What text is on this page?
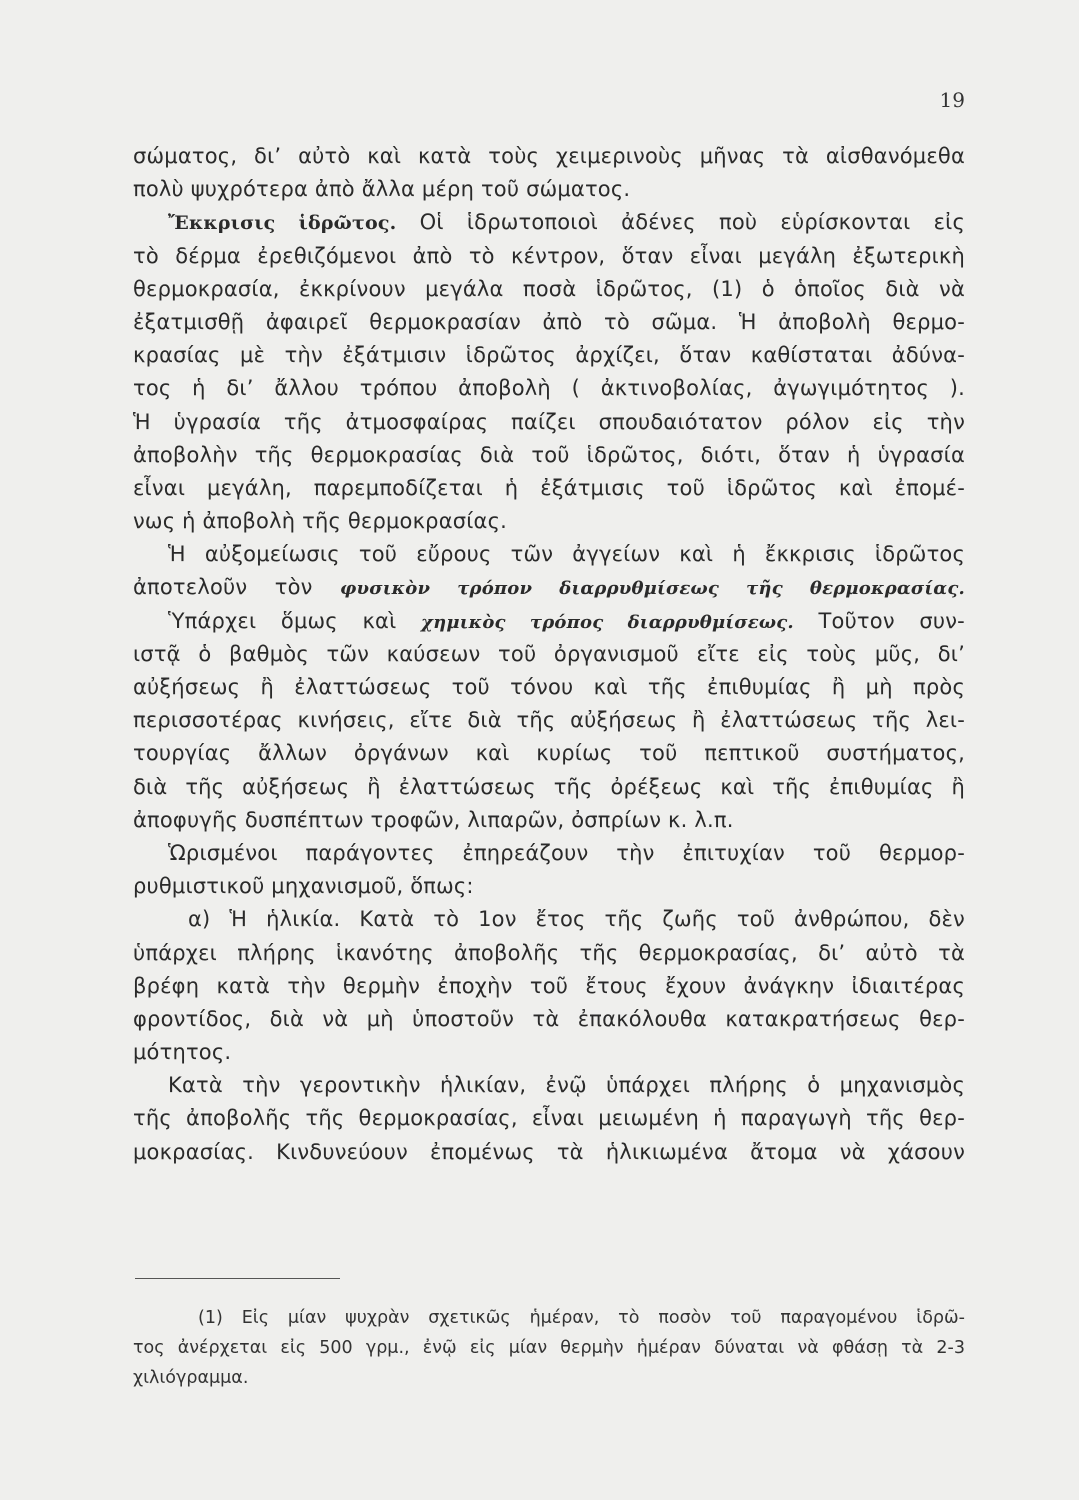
19
σώματος, δι’ αὐτὸ καὶ κατὰ τοὺς χειμερινοὺς μῆνας τὰ αἰσθανόμεθα
πολὺ ψυχρότερα ἀπὸ ἄλλα μέρη τοῦ σώματος.
Ἔκκρισις ἱδρῶτος. Οἱ ἱδρωτοποιοὶ ἀδένες ποὺ εὑρίσκονται εἰς
τὸ δέρμα ἐρεθιζόμενοι ἀπὸ τὸ κέντρον, ὅταν εἶναι μεγάλη ἐξωτερικὴ
θερμοκρασία, ἐκκρίνουν μεγάλα ποσὰ ἱδρῶτος, (1) ὁ ὁποῖος διὰ νὰ
ἐξατμισθῇ ἀφαιρεῖ θερμοκρασίαν ἀπὸ τὸ σῶμα. Ἡ ἀποβολὴ θερμο-
κρασίας μὲ τὴν ἐξάτμισιν ἱδρῶτος ἀρχίζει, ὅταν καθίσταται ἀδύνα-
τος ἡ δι’ ἄλλου τρόπου ἀποβολὴ ( ἀκτινοβολίας, ἀγωγιμότητος ).
Ἡ ὑγρασία τῆς ἀτμοσφαίρας παίζει σπουδαιότατον ρόλον εἰς τὴν
ἀποβολὴν τῆς θερμοκρασίας διὰ τοῦ ἱδρῶτος, διότι, ὅταν ἡ ὑγρασία
εἶναι μεγάλη, παρεμποδίζεται ἡ ἐξάτμισις τοῦ ἱδρῶτος καὶ ἐπομέ-
νως ἡ ἀποβολὴ τῆς θερμοκρασίας.
Ἡ αὐξομείωσις τοῦ εὔρους τῶν ἀγγείων καὶ ἡ ἔκκρισις ἱδρῶτος
ἀποτελοῦν τὸν φυσικὸν τρόπον διαρρυθμίσεως τῆς θερμοκρασίας.
Ὑπάρχει ὅμως καὶ χημικὸς τρόπος διαρρυθμίσεως. Τοῦτον συν-
ιστᾷ ὁ βαθμὸς τῶν καύσεων τοῦ ὀργανισμοῦ εἴτε εἰς τοὺς μῦς, δι’
αὐξήσεως ἢ ἐλαττώσεως τοῦ τόνου καὶ τῆς ἐπιθυμίας ἢ μὴ πρὸς
περισσοτέρας κινήσεις, εἴτε διὰ τῆς αὐξήσεως ἢ ἐλαττώσεως τῆς λει-
τουργίας ἄλλων ὀργάνων καὶ κυρίως τοῦ πεπτικοῦ συστήματος,
διὰ τῆς αὐξήσεως ἢ ἐλαττώσεως τῆς ὀρέξεως καὶ τῆς ἐπιθυμίας ἢ
ἀποφυγῆς δυσπέπτων τροφῶν, λιπαρῶν, ὀσπρίων κ. λ.π.
Ὡρισμένοι παράγοντες ἐπηρεάζουν τὴν ἐπιτυχίαν τοῦ θερμορ-
ρυθμιστικοῦ μηχανισμοῦ, ὅπως:
α) Ἡ ἡλικία. Κατὰ τὸ 1ον ἔτος τῆς ζωῆς τοῦ ἀνθρώπου, δὲν
ὑπάρχει πλήρης ἱκανότης ἀποβολῆς τῆς θερμοκρασίας, δι’ αὐτὸ τὰ
βρέφη κατὰ τὴν θερμὴν ἐποχὴν τοῦ ἔτους ἔχουν ἀνάγκην ἰδιαιτέρας
φροντίδος, διὰ νὰ μὴ ὑποστοῦν τὰ ἐπακόλουθα κατακρατήσεως θερ-
μότητος.
Κατὰ τὴν γεροντικὴν ἡλικίαν, ἐνῷ ὑπάρχει πλήρης ὁ μηχανισμὸς
τῆς ἀποβολῆς τῆς θερμοκρασίας, εἶναι μειωμένη ἡ παραγωγὴ τῆς θερ-
μοκρασίας. Κινδυνεύουν ἐπομένως τὰ ἡλικιωμένα ἄτομα νὰ χάσουν
(1) Εἰς μίαν ψυχρὰν σχετικῶς ἡμέραν, τὸ ποσὸν τοῦ παραγομένου ἱδρῶ-
τος ἀνέρχεται εἰς 500 γρμ., ἐνῷ εἰς μίαν θερμὴν ἡμέραν δύναται νὰ φθάσῃ τὰ 2-3
χιλιόγραμμα.
